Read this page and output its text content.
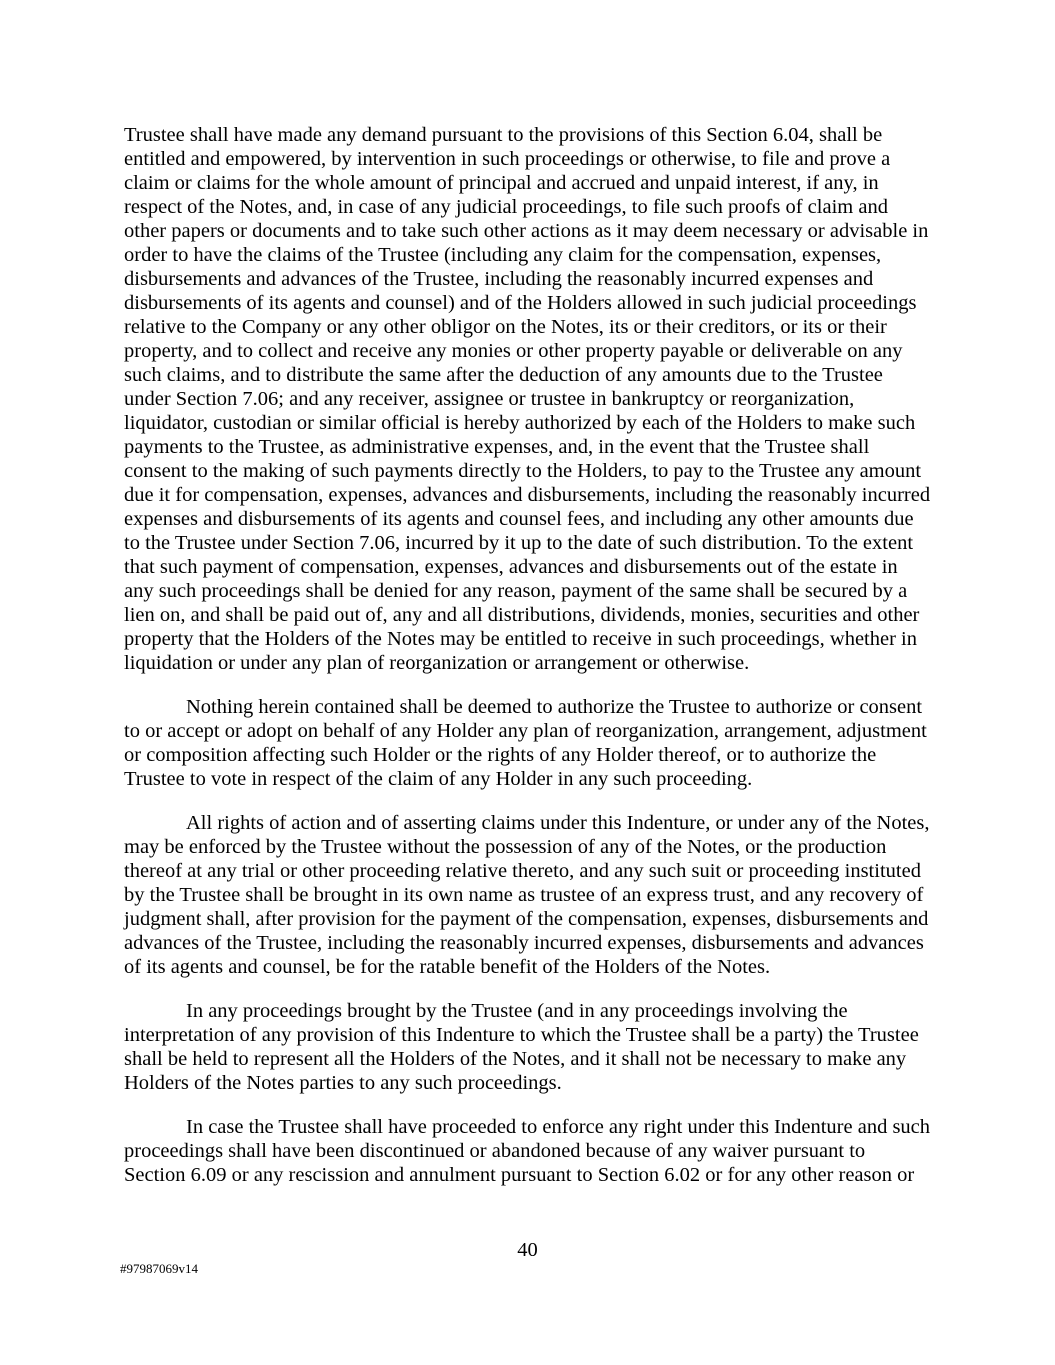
Trustee shall have made any demand pursuant to the provisions of this Section 6.04, shall be entitled and empowered, by intervention in such proceedings or otherwise, to file and prove a claim or claims for the whole amount of principal and accrued and unpaid interest, if any, in respect of the Notes, and, in case of any judicial proceedings, to file such proofs of claim and other papers or documents and to take such other actions as it may deem necessary or advisable in order to have the claims of the Trustee (including any claim for the compensation, expenses, disbursements and advances of the Trustee, including the reasonably incurred expenses and disbursements of its agents and counsel) and of the Holders allowed in such judicial proceedings relative to the Company or any other obligor on the Notes, its or their creditors, or its or their property, and to collect and receive any monies or other property payable or deliverable on any such claims, and to distribute the same after the deduction of any amounts due to the Trustee under Section 7.06; and any receiver, assignee or trustee in bankruptcy or reorganization, liquidator, custodian or similar official is hereby authorized by each of the Holders to make such payments to the Trustee, as administrative expenses, and, in the event that the Trustee shall consent to the making of such payments directly to the Holders, to pay to the Trustee any amount due it for compensation, expenses, advances and disbursements, including the reasonably incurred expenses and disbursements of its agents and counsel fees, and including any other amounts due to the Trustee under Section 7.06, incurred by it up to the date of such distribution. To the extent that such payment of compensation, expenses, advances and disbursements out of the estate in any such proceedings shall be denied for any reason, payment of the same shall be secured by a lien on, and shall be paid out of, any and all distributions, dividends, monies, securities and other property that the Holders of the Notes may be entitled to receive in such proceedings, whether in liquidation or under any plan of reorganization or arrangement or otherwise.

Nothing herein contained shall be deemed to authorize the Trustee to authorize or consent to or accept or adopt on behalf of any Holder any plan of reorganization, arrangement, adjustment or composition affecting such Holder or the rights of any Holder thereof, or to authorize the Trustee to vote in respect of the claim of any Holder in any such proceeding.

All rights of action and of asserting claims under this Indenture, or under any of the Notes, may be enforced by the Trustee without the possession of any of the Notes, or the production thereof at any trial or other proceeding relative thereto, and any such suit or proceeding instituted by the Trustee shall be brought in its own name as trustee of an express trust, and any recovery of judgment shall, after provision for the payment of the compensation, expenses, disbursements and advances of the Trustee, including the reasonably incurred expenses, disbursements and advances of its agents and counsel, be for the ratable benefit of the Holders of the Notes.

In any proceedings brought by the Trustee (and in any proceedings involving the interpretation of any provision of this Indenture to which the Trustee shall be a party) the Trustee shall be held to represent all the Holders of the Notes, and it shall not be necessary to make any Holders of the Notes parties to any such proceedings.

In case the Trustee shall have proceeded to enforce any right under this Indenture and such proceedings shall have been discontinued or abandoned because of any waiver pursuant to Section 6.09 or any rescission and annulment pursuant to Section 6.02 or for any other reason or

40
#97987069v14
